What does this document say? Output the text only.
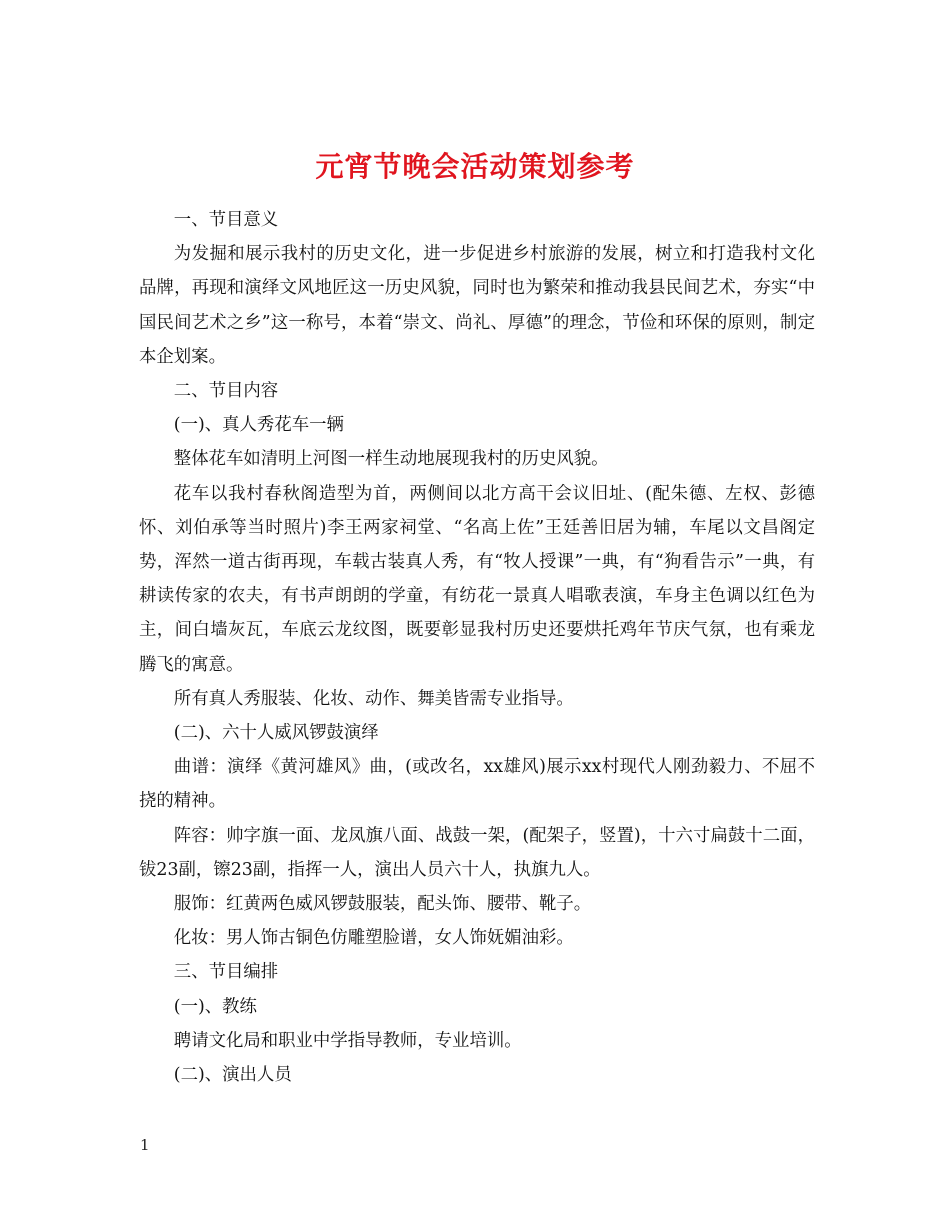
元宵节晚会活动策划参考

一、节目意义

为发掘和展示我村的历史文化，进一步促进乡村旅游的发展，树立和打造我村文化品牌，再现和演绎文风地匠这一历史风貌，同时也为繁荣和推动我县民间艺术，夯实“中国民间艺术之乡”这一称号，本着“崇文、尚礼、厚德”的理念，节俭和环保的原则，制定本企划案。

二、节目内容

(一)、真人秀花车一辆

整体花车如清明上河图一样生动地展现我村的历史风貌。

花车以我村春秋阁造型为首，两侧间以北方高干会议旧址、(配朱德、左权、彭德怀、刘伯承等当时照片)李王两家祠堂、“名高上佐”王廷善旧居为辅，车尾以文昌阁定势，浑然一道古街再现，车载古装真人秀，有“牧人授课”一典，有“狗看告示”一典，有耕读传家的农夫，有书声朗朗的学童，有纺花一景真人唱歌表演，车身主色调以红色为主，间白墙灰瓦，车底云龙纹图，既要彰显我村历史还要烘托鸡年节庆气氛，也有乘龙腾飞的寓意。

所有真人秀服装、化妆、动作、舞美皆需专业指导。

(二)、六十人威风锣鼓演绎

曲谱：演绎《黄河雄风》曲，(或改名，xx雄风)展示xx村现代人刚劲毅力、不屈不挠的精神。

阵容：帅字旗一面、龙凤旗八面、战鼓一架，(配架子，竖置)，十六寸扁鼓十二面，钹23副，镲23副，指挥一人，演出人员六十人，执旗九人。

服饰：红黄两色威风锣鼓服装，配头饰、腰带、靴子。

化妆：男人饰古铜色仿雕塑脸谱，女人饰妩媚油彩。

三、节目编排

(一)、教练

聘请文化局和职业中学指导教师，专业培训。

(二)、演出人员

1
